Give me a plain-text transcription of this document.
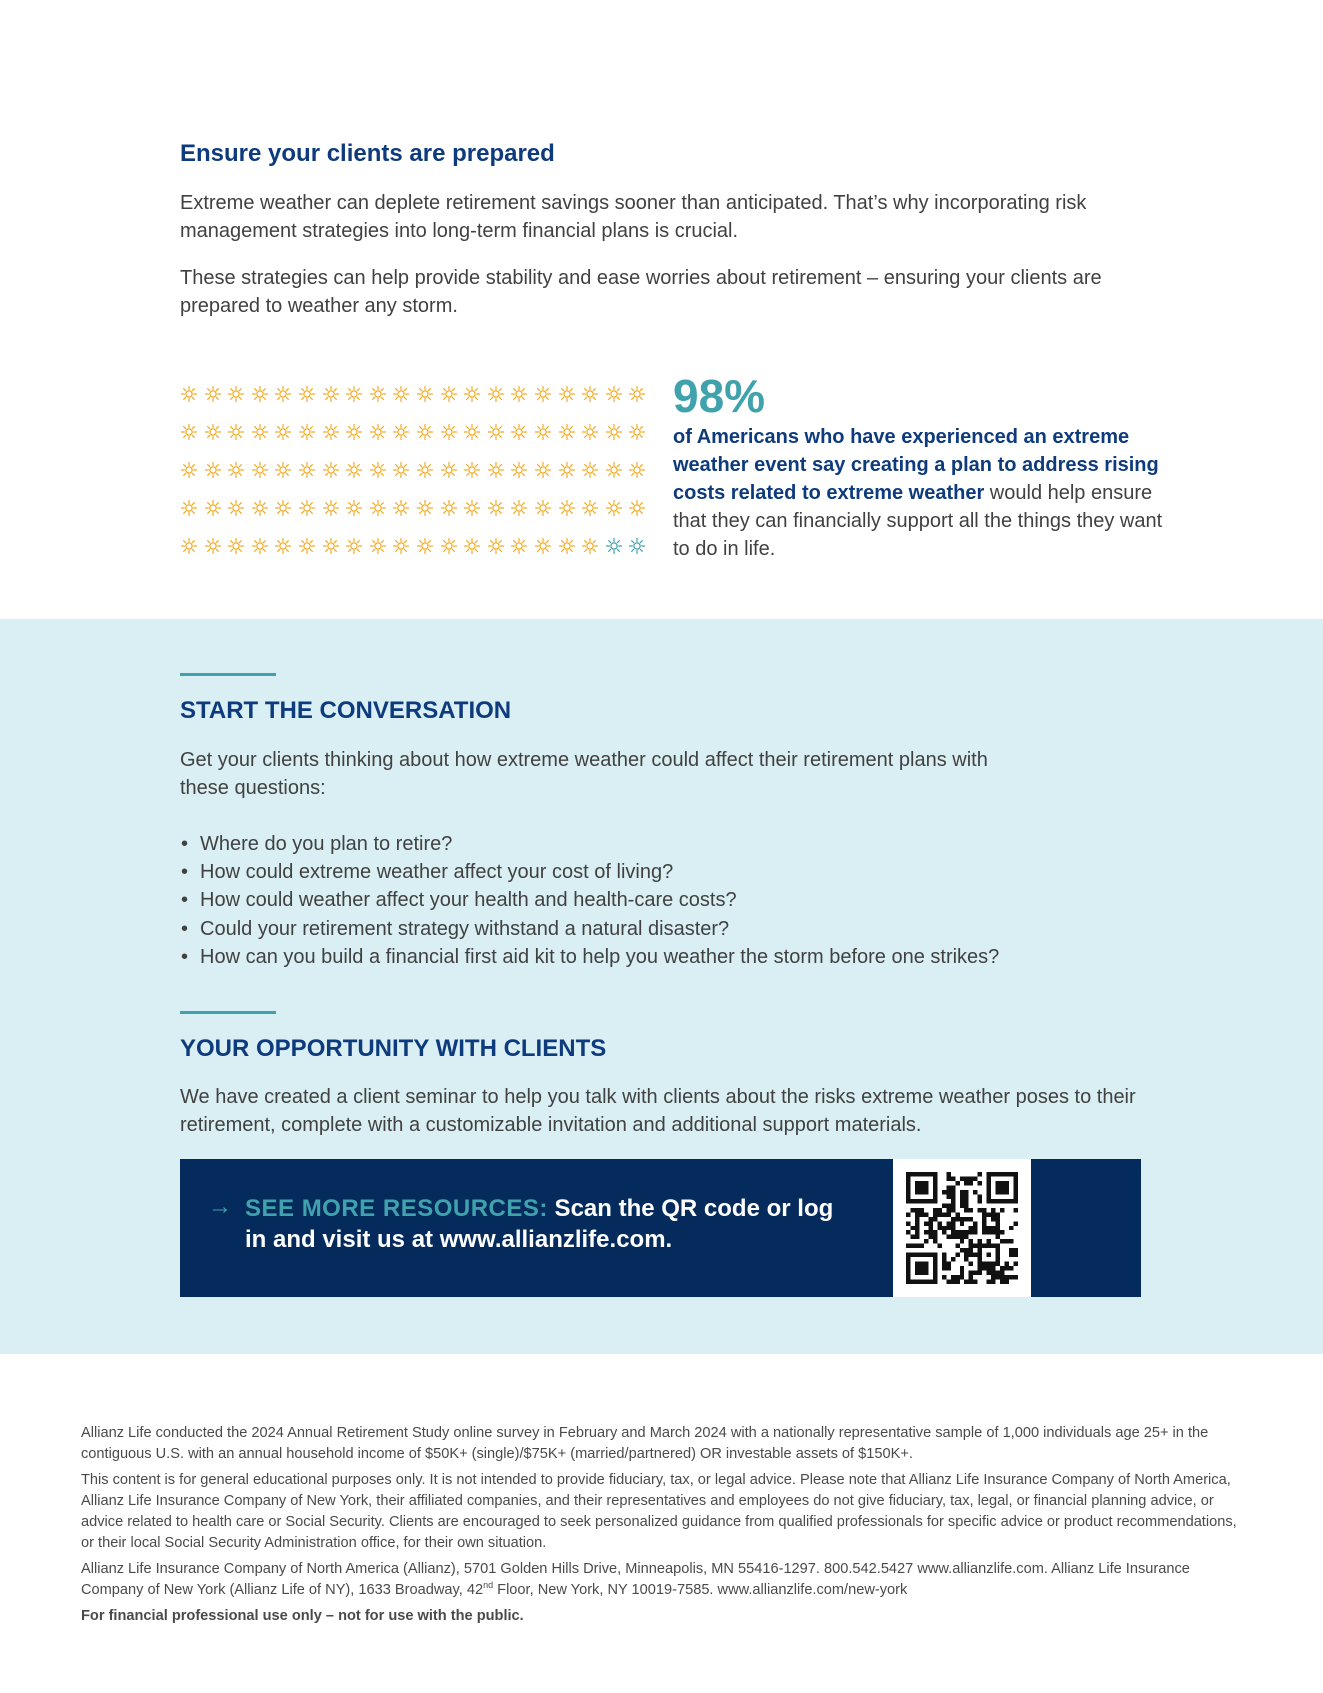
Ensure your clients are prepared

Extreme weather can deplete retirement savings sooner than anticipated. That’s why incorporating risk management strategies into long-term financial plans is crucial.

These strategies can help provide stability and ease worries about retirement – ensuring your clients are prepared to weather any storm.

98%
of Americans who have experienced an extreme weather event say creating a plan to address rising costs related to extreme weather would help ensure that they can financially support all the things they want to do in life.
START THE CONVERSATION

Get your clients thinking about how extreme weather could affect their retirement plans with these questions:

• Where do you plan to retire?
• How could extreme weather affect your cost of living?
• How could weather affect your health and health-care costs?
• Could your retirement strategy withstand a natural disaster?
• How can you build a financial first aid kit to help you weather the storm before one strikes?
YOUR OPPORTUNITY WITH CLIENTS

We have created a client seminar to help you talk with clients about the risks extreme weather poses to their retirement, complete with a customizable invitation and additional support materials.

→ SEE MORE RESOURCES: Scan the QR code or log in and visit us at www.allianzlife.com.

Allianz Life conducted the 2024 Annual Retirement Study online survey in February and March 2024 with a nationally representative sample of 1,000 individuals age 25+ in the contiguous U.S. with an annual household income of $50K+ (single)/$75K+ (married/partnered) OR investable assets of $150K+.

This content is for general educational purposes only. It is not intended to provide fiduciary, tax, or legal advice. Please note that Allianz Life Insurance Company of North America, Allianz Life Insurance Company of New York, their affiliated companies, and their representatives and employees do not give fiduciary, tax, legal, or financial planning advice, or advice related to health care or Social Security. Clients are encouraged to seek personalized guidance from qualified professionals for specific advice or product recommendations, or their local Social Security Administration office, for their own situation.

Allianz Life Insurance Company of North America (Allianz), 5701 Golden Hills Drive, Minneapolis, MN 55416-1297. 800.542.5427 www.allianzlife.com. Allianz Life Insurance Company of New York (Allianz Life of NY), 1633 Broadway, 42nd Floor, New York, NY 10019-7585. www.allianzlife.com/new-york

For financial professional use only – not for use with the public.
